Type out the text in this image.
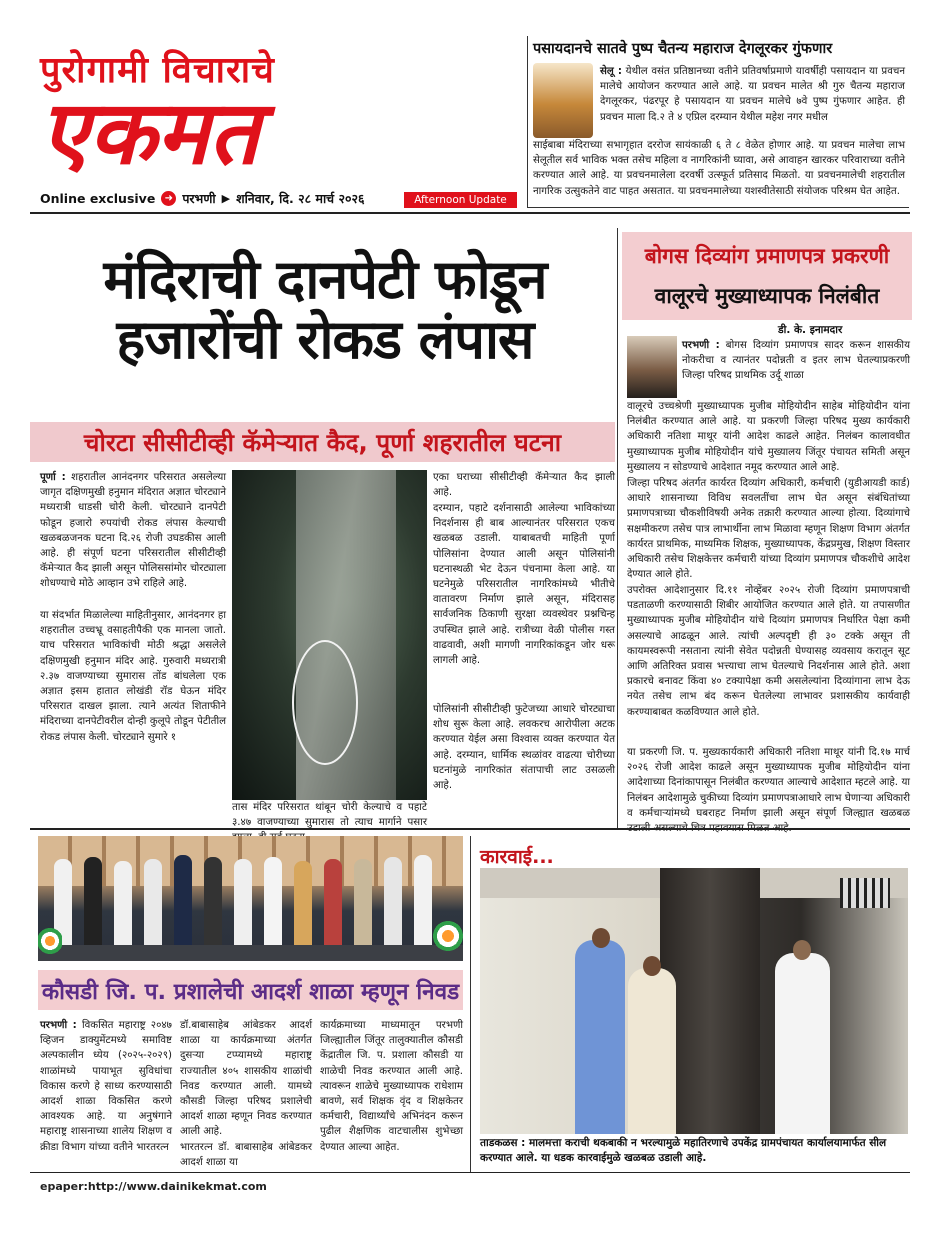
पुरोगामी विचाराचे
एकमत
Online exclusive ➜ परभणी ▶ शनिवार, दि. २८ मार्च २०२६	Afternoon Update
पसायदानचे सातवे पुष्प चैतन्य महाराज देगलूरकर गुंफणार
सेलू : येथील वसंत प्रतिष्ठानच्या वतीने प्रतिवर्षाप्रमाणे यावर्षीही पसायदान या प्रवचन मालेचे आयोजन करण्यात आले आहे. या प्रवचन मालेत श्री गुरु चैतन्य महाराज देगलूरकर, पंढरपूर हे पसायदान या प्रवचन मालेचे ७वे पुष्प गुंफणार आहेत. ही प्रवचन माला दि.२ ते ४ एप्रिल दरम्यान येथील महेश नगर मधील
साईबाबा मंदिराच्या सभागृहात दररोज सायंकाळी ६ ते ८ वेळेत होणार आहे. या प्रवचन मालेचा लाभ सेलूतील सर्व भाविक भक्त तसेच महिला व नागरिकांनी घ्यावा, असे आवाहन खारकर परिवाराच्या वतीने करण्यात आले आहे. या प्रवचनमालेला दरवर्षी उत्स्फूर्त प्रतिसाद मिळतो. या प्रवचनमालेची शहरातील नागरिक उत्सुकतेने वाट पाहत असतात. या प्रवचनमालेच्या यशस्वीतेसाठी संयोजक परिश्रम घेत आहेत.
मंदिराची दानपेटी फोडून
हजारोंची रोकड लंपास
चोरटा सीसीटीव्ही कॅमेऱ्यात कैद, पूर्णा शहरातील घटना
पूर्णा : शहरातील आनंदनगर परिसरात असलेल्या जागृत दक्षिणमुखी हनुमान मंदिरात अज्ञात चोरट्याने मध्यरात्री धाडसी चोरी केली. चोरट्याने दानपेटी फोडून हजारो रुपयांची रोकड लंपास केल्याची खळबळजनक घटना दि.२६ रोजी उघडकीस आली आहे. ही संपूर्ण घटना परिसरातील सीसीटीव्ही कॅमेऱ्यात कैद झाली असून पोलिससांमोर चोरट्याला शोधण्याचे मोठे आव्हान उभे राहिले आहे.
या संदर्भात मिळालेल्या माहितीनुसार, आनंदनगर हा शहरातील उच्चभ्रू वसाहतीपैकी एक मानला जातो. याच परिसरात भाविकांची मोठी श्रद्धा असलेले दक्षिणमुखी हनुमान मंदिर आहे. गुरुवारी मध्यरात्री २.३७ वाजण्याच्या सुमारास तोंड बांधलेला एक अज्ञात इसम हातात लोखंडी रॉड घेऊन मंदिर परिसरात दाखल झाला. त्याने अत्यंत शिताफीने मंदिराच्या दानपेटीवरील दोन्ही कुलूपे तोडून पेटीतील रोकड लंपास केली. चोरट्याने सुमारे १
तास मंदिर परिसरात थांबून चोरी केल्याचे व पहाटे ३.४७ वाजण्याच्या सुमारास तो त्याच मार्गाने पसार
एका घराच्या सीसीटीव्ही कॅमेऱ्यात कैद झाली आहे.
दरम्यान, पहाटे दर्शनासाठी आलेल्या भाविकांच्या निदर्शनास ही बाब आल्यानंतर परिसरात एकच खळबळ उडाली. याबाबतची माहिती पूर्णा पोलिसांना देण्यात आली असून पोलिसांनी घटनास्थळी भेट देऊन पंचनामा केला आहे. या घटनेमुळे परिसरातील नागरिकांमध्ये भीतीचे वातावरण निर्माण झाले असून, मंदिरासह सार्वजनिक ठिकाणी सुरक्षा व्यवस्थेवर प्रश्नचिन्ह उपस्थित झाले आहे. रात्रीच्या वेळी पोलीस गस्त वाढवावी, अशी मागणी नागरिकांकडून जोर धरू लागली आहे.
पोलिसांनी सीसीटीव्ही फुटेजच्या आधारे चोरट्याचा शोध सुरू केला आहे. लवकरच आरोपीला अटक करण्यात येईल असा विश्वास व्यक्त करण्यात येत आहे. दरम्यान, धार्मिक स्थळांवर वाढत्या चोरीच्या घटनांमुळे नागरिकांत संतापाची लाट उसळली आहे.
बोगस दिव्यांग प्रमाणपत्र प्रकरणी
वालूरचे मुख्याध्यापक निलंबीत
डी. के. इनामदार
परभणी : बोगस दिव्यांग प्रमाणपत्र सादर करून शासकीय नोकरीचा व त्यानंतर पदोन्नती व इतर लाभ घेतल्याप्रकरणी जिल्हा परिषद प्राथमिक उर्दू शाळा
वालूरचे उच्चश्रेणी मुख्याध्यापक मुजीब मोहियोदीन साहेब मोहियोदीन यांना निलंबीत करण्यात आले आहे. या प्रकरणी जिल्हा परिषद मुख्य कार्यकारी अधिकारी नतिशा माथूर यांनी आदेश काढले आहेत. निलंबन कालावधीत मुख्याध्यापक मुजीब मोहियोदीन यांचे मुख्यालय जिंतूर पंचायत समिती असून मुख्यालय न सोडण्याचे आदेशात नमूद करण्यात आले आहे.
जिल्हा परिषद अंतर्गत कार्यरत दिव्यांग अधिकारी, कर्मचारी (युडीआयडी कार्ड) आधारे शासनाच्या विविध सवलतींचा लाभ घेत असून संबंधितांच्या प्रमाणपत्राच्या चौकशीविषयी अनेक तक्रारी करण्यात आल्या होत्या. दिव्यांगाचे सक्षमीकरण तसेच पात्र लाभार्थीना लाभ मिळावा म्हणून शिक्षण विभाग अंतर्गत कार्यरत प्राथमिक, माध्यमिक शिक्षक, मुख्याध्यापक, केंद्रप्रमुख, शिक्षण विस्तार अधिकारी तसेच शिक्षकेत्तर कर्मचारी यांच्या दिव्यांग प्रमाणपत्र चौकशीचे आदेश देण्यात आले होते.
उपरोक्त आदेशानुसार दि.११ नोव्हेंबर २०२५ रोजी दिव्यांग प्रमाणपत्राची पडताळणी करण्यासाठी शिबीर आयोजित करण्यात आले होते. या तपासणीत मुख्याध्यापक मुजीब मोहियोदीन यांचे दिव्यांग प्रमाणपत्र निर्धारित पेक्षा कमी असल्याचे आढळून आले. त्यांची अल्पदृष्टी ही ३० टक्के असून ती कायमस्वरूपी नसताना त्यांनी सेवेत पदोन्नती घेण्यासह व्यवसाय करातून सूट आणि अतिरिक्त प्रवास भत्त्याचा लाभ घेतल्याचे निदर्शनास आले होते. अशा प्रकारचे बनावट किंवा ४० टक्यापेक्षा कमी असलेल्यांना दिव्यांगाना लाभ देऊ नयेत तसेच लाभ बंद करून घेतलेल्या लाभावर प्रशासकीय कार्यवाही करण्याबाबत कळविण्यात आले होते.
या प्रकरणी जि. प. मुख्यकार्यकारी अधिकारी नतिशा माथूर यांनी दि.१७ मार्च २०२६ रोजी आदेश काढले असून मुख्याध्यापक मुजीब मोहियोदीन यांना आदेशाच्या दिनांकापासून निलंबीत करण्यात आल्याचे आदेशात म्हटले आहे. या निलंबन आदेशामुळे चुकीच्या दिव्यांग प्रमाणपत्राआधारे लाभ घेणाऱ्या अधिकारी व कर्मचाऱ्यांमध्ये घबराहट निर्माण झाली असून संपूर्ण जिल्ह्यात खळबळ
कौसडी जि. प. प्रशालेची आदर्श शाळा म्हणून निवड
परभणी : विकसित महाराष्ट्र २०४७ व्हिजन डाक्युमेंटमध्ये समाविष्ट अल्पकालीन ध्येय (२०२५-२०२९) शाळांमध्ये पायाभूत सुविधांचा विकास करणे हे साध्य करण्यासाठी आदर्श शाळा विकसित करणे आवश्यक आहे. या अनुषंगाने महाराष्ट्र शासनाच्या शालेय शिक्षण व क्रीडा विभाग यांच्या वतीने भारतरत्न
डॉ.बाबासाहेब आंबेडकर आदर्श शाळा या कार्यक्रमाच्या अंतर्गत दुसऱ्या टप्प्यामध्ये महाराष्ट्र राज्यातील ४०५ शासकीय शाळांची निवड करण्यात आली. यामध्ये कौसडी जिल्हा परिषद प्रशालेची आदर्श शाळा म्हणून निवड करण्यात आली आहे.
भारतरत्न डॉ. बाबासाहेब आंबेडकर आदर्श शाळा या
कार्यक्रमाच्या माध्यमातून परभणी जिल्ह्यातील जिंतूर तालुक्यातील कौसडी केंद्रातील जि. प. प्रशाला कौसडी या शाळेची निवड करण्यात आली आहे. त्यावरून शाळेचे मुख्याध्यापक राधेशाम बावणे, सर्व शिक्षक वृंद व शिक्षकेतर कर्मचारी, विद्यार्थ्यांचे अभिनंदन करून पुढील शैक्षणिक वाटचालीस शुभेच्छा देण्यात आल्या आहेत.
कारवाई...
ताडकळस : मालमत्ता कराची थकबाकी न भरल्यामुळे महातिरणाचे उपकेंद्र ग्रामपंचायत कार्यालयामार्फत सील करण्यात आले. या धडक कारवाईमुळे खळबळ उडाली आहे.
epaper:http://www.dainikekmat.com
